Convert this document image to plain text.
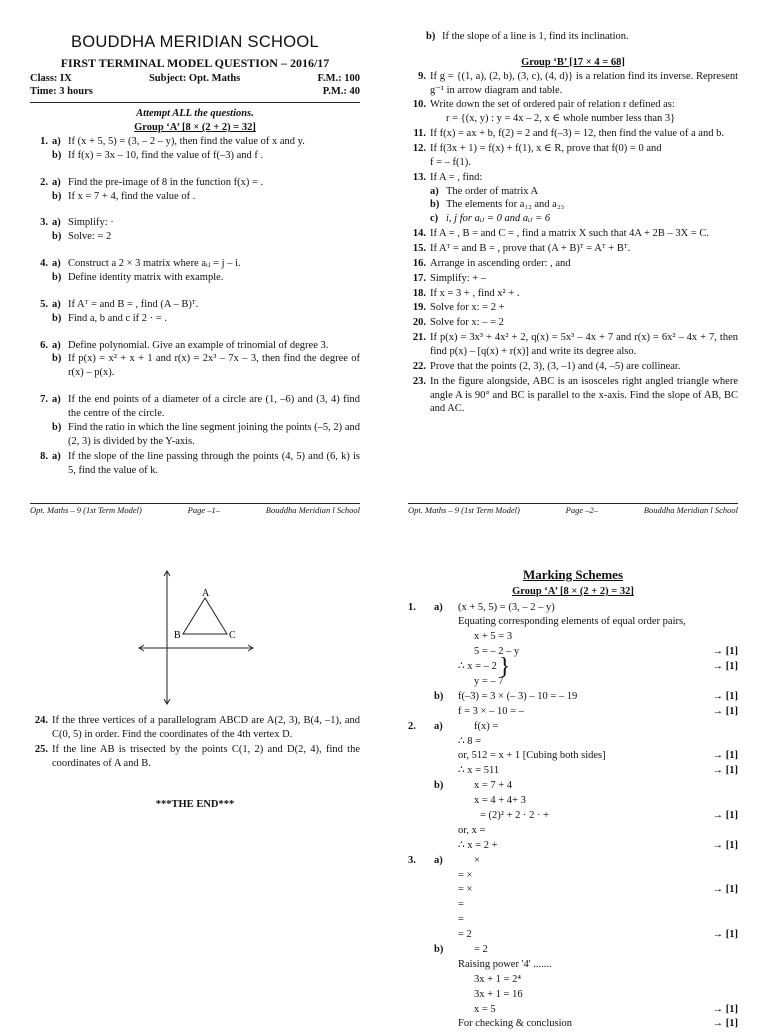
BOUDDHA MERIDIAN SCHOOL
FIRST TERMINAL MODEL QUESTION – 2016/17
Class: IX	Subject: Opt. Maths	F.M.: 100
Time: 3 hours	P.M.: 40
Attempt ALL the questions.
Group ‘A’ [8 × (2 + 2) = 32]
1. a) If (x + 5, 5) = (3, – 2 – y), then find the value of x and y.
b) If f(x) = 3x – 10, find the value of f(–3) and f .
2. a) Find the pre-image of 8 in the function f(x) = .
b) If x = 7 + 4, find the value of .
3. a) Simplify: ·
b) Solve: = 2
4. a) Construct a 2 × 3 matrix where aᵢⱼ = j – i.
b) Define identity matrix with example.
5. a) If Aᵀ = and B = , find (A – B)ᵀ.
b) Find a, b and c if 2 · = .
6. a) Define polynomial. Give an example of trinomial of degree 3.
b) If p(x) = x² + x + 1 and r(x) = 2x³ – 7x – 3, then find the degree of r(x) – p(x).
7. a) If the end points of a diameter of a circle are (1, –6) and (3, 4) find the centre of the circle.
b) Find the ratio in which the line segment joining the points (–5, 2) and (2, 3) is divided by the Y-axis.
8. a) If the slope of the line passing through the points (4, 5) and (6, k) is 5, find the value of k.
Opt. Maths – 9 (1st Term Model)	Page –1–	Bouddha Meridian l School
b) If the slope of a line is 1, find its inclination.
Group ‘B’ [17 × 4 = 68]
9. If g = {(1, a), (2, b), (3, c), (4, d)} is a relation find its inverse. Represent g⁻¹ in arrow diagram and table.
10. Write down the set of ordered pair of relation r defined as:
r = {(x, y) : y = 4x – 2, x ∈ whole number less than 3}
11. If f(x) = ax + b, f(2) = 2 and f(–3) = 12, then find the value of a and b.
12. If f(3x + 1) = f(x) + f(1), x ∈ R, prove that f(0) = 0 and
f = – f(1).
13. If A = , find:
a) The order of matrix A
b) The elements for a₁₂ and a₂₃
c) i, j for aᵢⱼ = 0 and aᵢⱼ = 6
14. If A = , B = and C = , find a matrix X such that 4A + 2B – 3X = C.
15. If Aᵀ = and B = , prove that (A + B)ᵀ = Aᵀ + Bᵀ.
16. Arrange in ascending order: , and
17. Simplify: + –
18. If x = 3 + , find x² + .
19. Solve for x: = 2 +
20. Solve for x: – = 2
21. If p(x) = 3x³ + 4x² + 2, q(x) = 5x³ – 4x + 7 and r(x) = 6x² – 4x + 7, then find p(x) – [q(x) + r(x)] and write its degree also.
22. Prove that the points (2, 3), (3, –1) and (4, –5) are collinear.
23. In the figure alongside, ABC is an isosceles right angled triangle where angle A is 90° and BC is parallel to the x-axis. Find the slope of AB, BC and AC.
Opt. Maths – 9 (1st Term Model)	Page –2–	Bouddha Meridian l School
A
B	C
24. If the three vertices of a parallelogram ABCD are A(2, 3), B(4, –1), and C(0, 5) in order. Find the coordinates of the 4th vertex D.
25. If the line AB is trisected by the points C(1, 2) and D(2, 4), find the coordinates of A and B.
***THE END***
Marking Schemes
Group ‘A’ [8 × (2 + 2) = 32]
1.	a)	(x + 5, 5) = (3, – 2 – y)
Equating corresponding elements of equal order pairs,
x + 5 = 3
5 = – 2 – y	→ [1]
∴ x = – 2 }	→ [1]
y = – 7
b)	f(–3) = 3 × (– 3) – 10 = – 19	→ [1]
f = 3 × – 10 = –	→ [1]
2.	a)	f(x) =
∴ 8 =
or, 512 = x + 1 [Cubing both sides]	→ [1]
∴ x = 511	→ [1]
b)	x = 7 + 4
x = 4 + 4+ 3
= (2)² + 2 · 2 · +	→ [1]
or, x =
∴ x = 2 +	→ [1]
3.	a)	×
= ×
= ×	→ [1]
=
=
= 2	→ [1]
b)	= 2
Raising power '4' .......
3x + 1 = 2⁴
3x + 1 = 16
x = 5	→ [1]
For checking & conclusion	→ [1]
